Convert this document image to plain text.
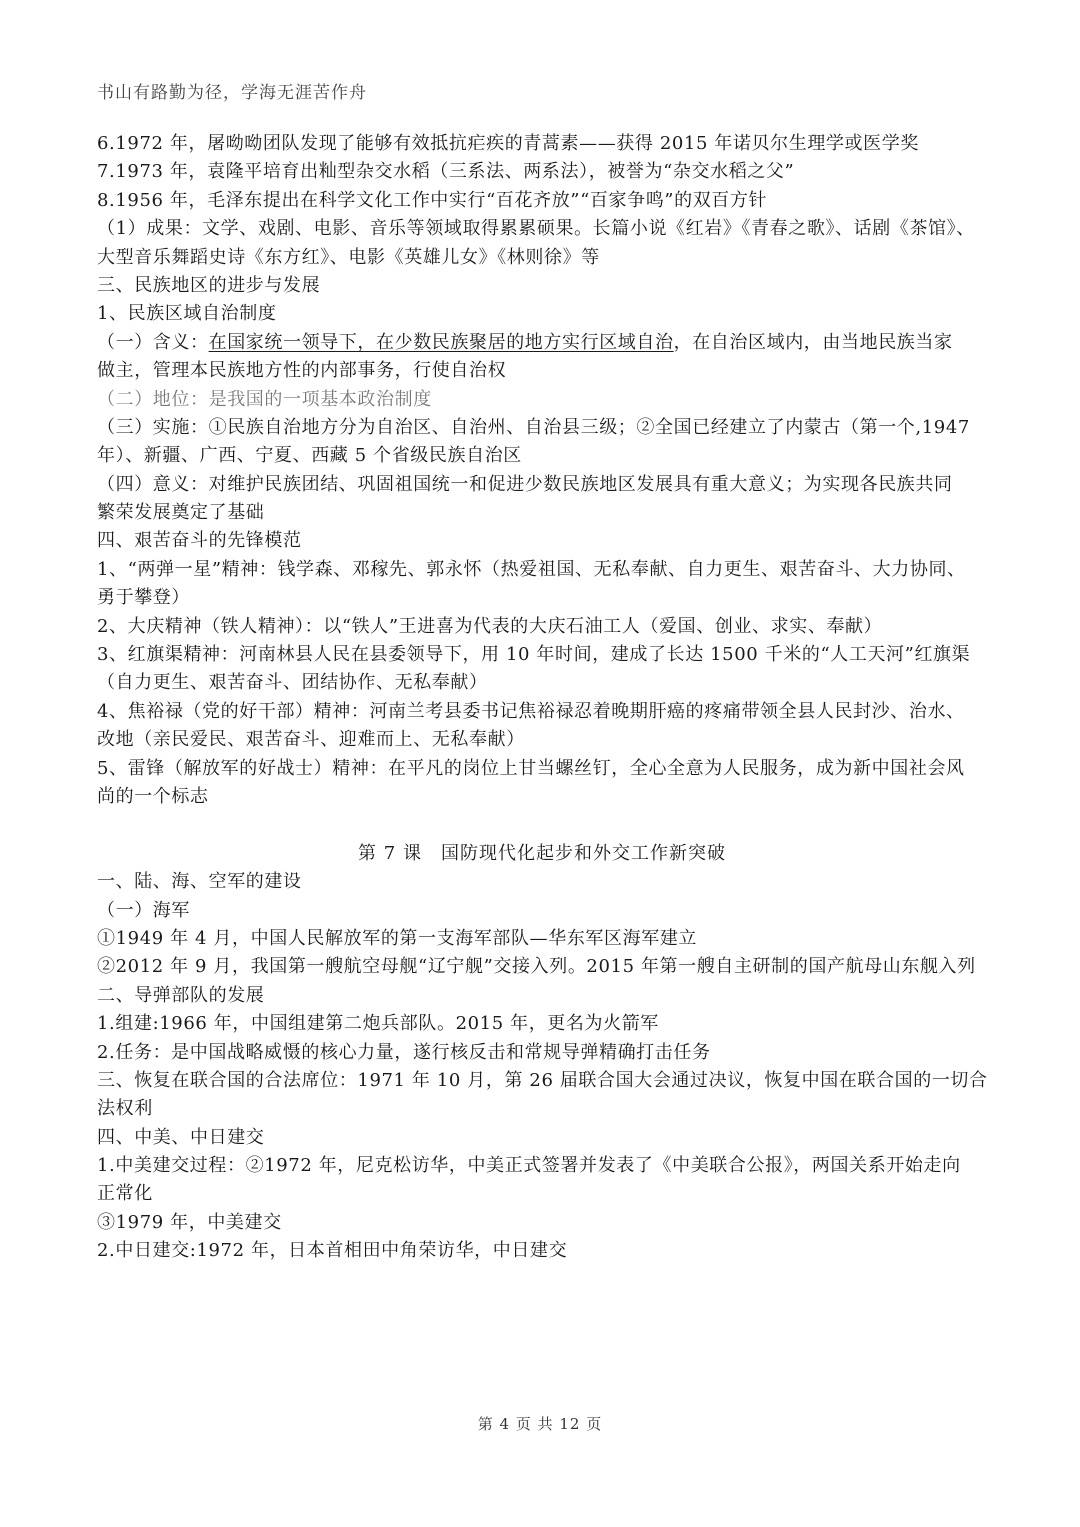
书山有路勤为径，学海无涯苦作舟
6.1972 年，屠呦呦团队发现了能够有效抵抗疟疾的青蒿素——获得 2015 年诺贝尔生理学或医学奖
7.1973 年，袁隆平培育出籼型杂交水稻（三系法、两系法），被誉为“杂交水稻之父”
8.1956 年，毛泽东提出在科学文化工作中实行“百花齐放”“百家争鸣”的双百方针
（1）成果：文学、戏剧、电影、音乐等领域取得累累硕果。长篇小说《红岩》《青春之歌》、话剧《茶馆》、
大型音乐舞蹈史诗《东方红》、电影《英雄儿女》《林则徐》等
三、民族地区的进步与发展
1、民族区域自治制度
（一）含义：在国家统一领导下，在少数民族聚居的地方实行区域自治，在自治区域内，由当地民族当家
做主，管理本民族地方性的内部事务，行使自治权
（二）地位：是我国的一项基本政治制度
（三）实施：①民族自治地方分为自治区、自治州、自治县三级；②全国已经建立了内蒙古（第一个,1947
年）、新疆、广西、宁夏、西藏 5 个省级民族自治区
（四）意义：对维护民族团结、巩固祖国统一和促进少数民族地区发展具有重大意义；为实现各民族共同
繁荣发展奠定了基础
四、艰苦奋斗的先锋模范
1、“两弹一星”精神：钱学森、邓稼先、郭永怀（热爱祖国、无私奉献、自力更生、艰苦奋斗、大力协同、
勇于攀登）
2、大庆精神（铁人精神）：以“铁人”王进喜为代表的大庆石油工人（爱国、创业、求实、奉献）
3、红旗渠精神：河南林县人民在县委领导下，用 10 年时间，建成了长达 1500 千米的“人工天河”红旗渠
（自力更生、艰苦奋斗、团结协作、无私奉献）
4、焦裕禄（党的好干部）精神：河南兰考县委书记焦裕禄忍着晚期肝癌的疼痛带领全县人民封沙、治水、
改地（亲民爱民、艰苦奋斗、迎难而上、无私奉献）
5、雷锋（解放军的好战士）精神：在平凡的岗位上甘当螺丝钉，全心全意为人民服务，成为新中国社会风
尚的一个标志
第 7 课　国防现代化起步和外交工作新突破
一、陆、海、空军的建设
（一）海军
①1949 年 4 月，中国人民解放军的第一支海军部队—华东军区海军建立
②2012 年 9 月，我国第一艘航空母舰“辽宁舰”交接入列。2015 年第一艘自主研制的国产航母山东舰入列
二、导弹部队的发展
1.组建:1966 年，中国组建第二炮兵部队。2015 年，更名为火箭军
2.任务：是中国战略威慑的核心力量，遂行核反击和常规导弹精确打击任务
三、恢复在联合国的合法席位：1971 年 10 月，第 26 届联合国大会通过决议，恢复中国在联合国的一切合
法权利
四、中美、中日建交
1.中美建交过程：②1972 年，尼克松访华，中美正式签署并发表了《中美联合公报》，两国关系开始走向
正常化
③1979 年，中美建交
2.中日建交:1972 年，日本首相田中角荣访华，中日建交
第 4 页 共 12 页
